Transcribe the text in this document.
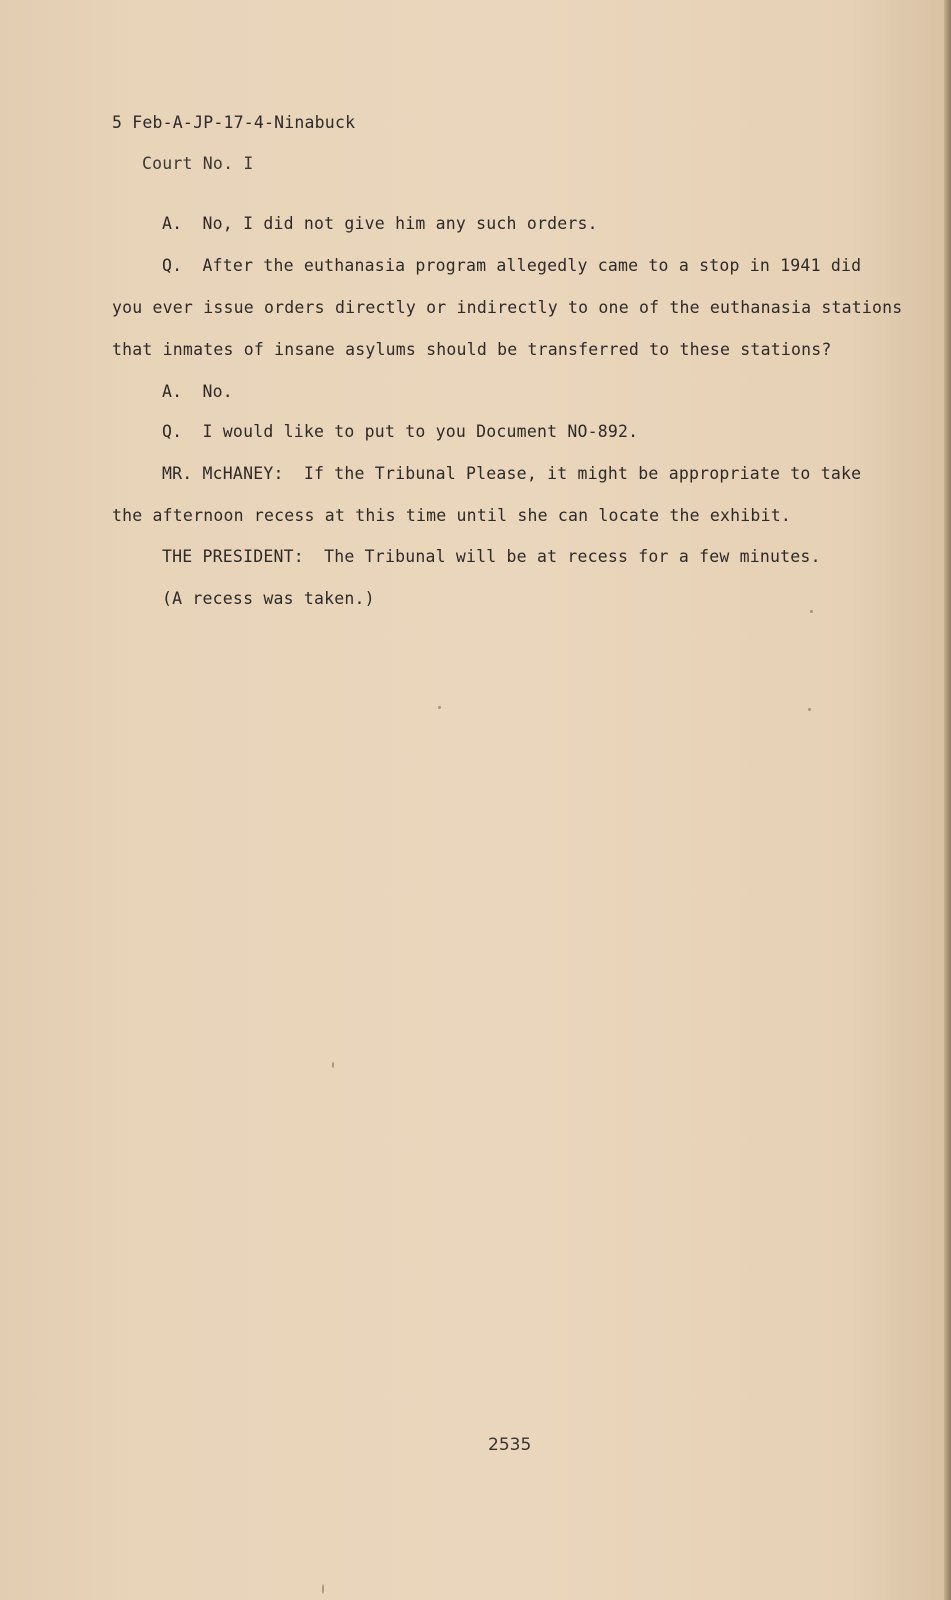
5 Feb-A-JP-17-4-Ninabuck
Court No. I
A.  No, I did not give him any such orders.
Q.  After the euthanasia program allegedly came to a stop in 1941 did
you ever issue orders directly or indirectly to one of the euthanasia stations
that inmates of insane asylums should be transferred to these stations?
A.  No.
Q.  I would like to put to you Document NO-892.
MR. McHANEY:  If the Tribunal Please, it might be appropriate to take
the afternoon recess at this time until she can locate the exhibit.
THE PRESIDENT:  The Tribunal will be at recess for a few minutes.
(A recess was taken.)
2535
